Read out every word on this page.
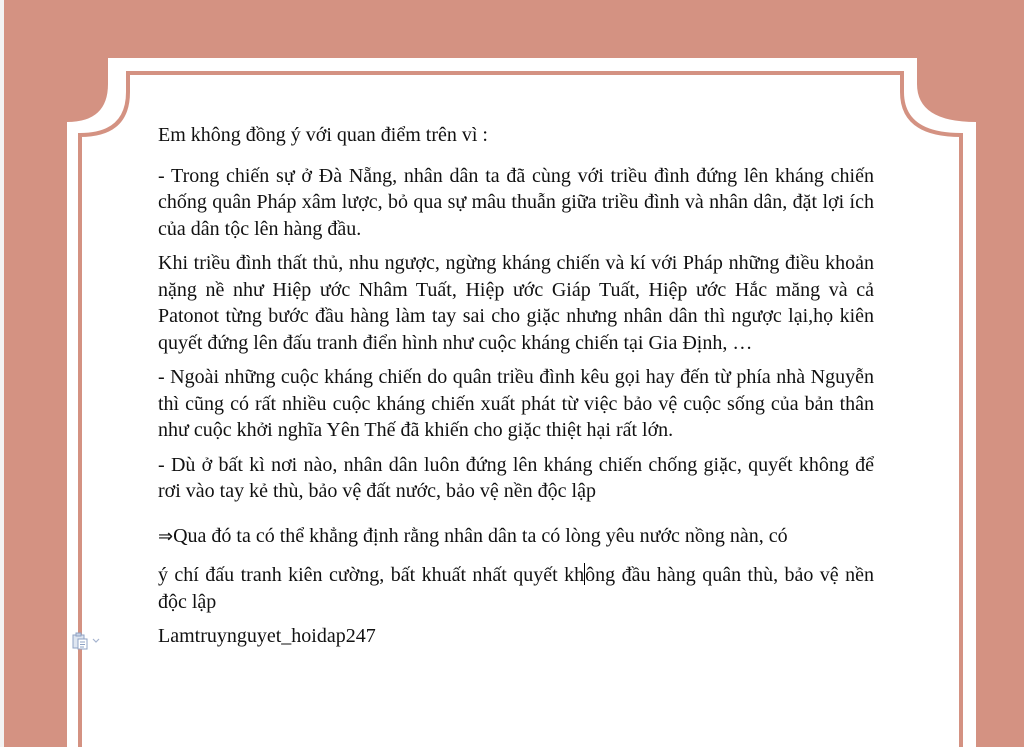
Em không đồng ý với quan điểm trên vì :

- Trong chiến sự ở Đà Nẵng, nhân dân ta đã cùng với triều đình đứng lên kháng chiến chống quân Pháp xâm lược, bỏ qua sự mâu thuẫn giữa triều đình và nhân dân, đặt lợi ích của dân tộc lên hàng đầu.

Khi triều đình thất thủ, nhu ngược, ngừng kháng chiến và kí với Pháp những điều khoản nặng nề như Hiệp ước Nhâm Tuất, Hiệp ước Giáp Tuất, Hiệp ước Hắc măng và cả Patonot từng bước đầu hàng làm tay sai cho giặc nhưng nhân dân thì ngược lại,họ kiên quyết đứng lên đấu tranh điển hình như cuộc kháng chiến tại Gia Định, …

- Ngoài những cuộc kháng chiến do quân triều đình kêu gọi hay đến từ phía nhà Nguyễn thì cũng có rất nhiều cuộc kháng chiến xuất phát từ việc bảo vệ cuộc sống của bản thân như cuộc khởi nghĩa Yên Thế đã khiến cho giặc thiệt hại rất lớn.

- Dù ở bất kì nơi nào, nhân dân luôn đứng lên kháng chiến chống giặc, quyết không để rơi vào tay kẻ thù, bảo vệ đất nước, bảo vệ nền độc lập

⇒Qua đó ta có thể khẳng định rằng nhân dân ta có lòng yêu nước nồng nàn, có

ý chí đấu tranh kiên cường, bất khuất nhất quyết không đầu hàng quân thù, bảo vệ nền độc lập

Lamtruynguyet_hoidap247
